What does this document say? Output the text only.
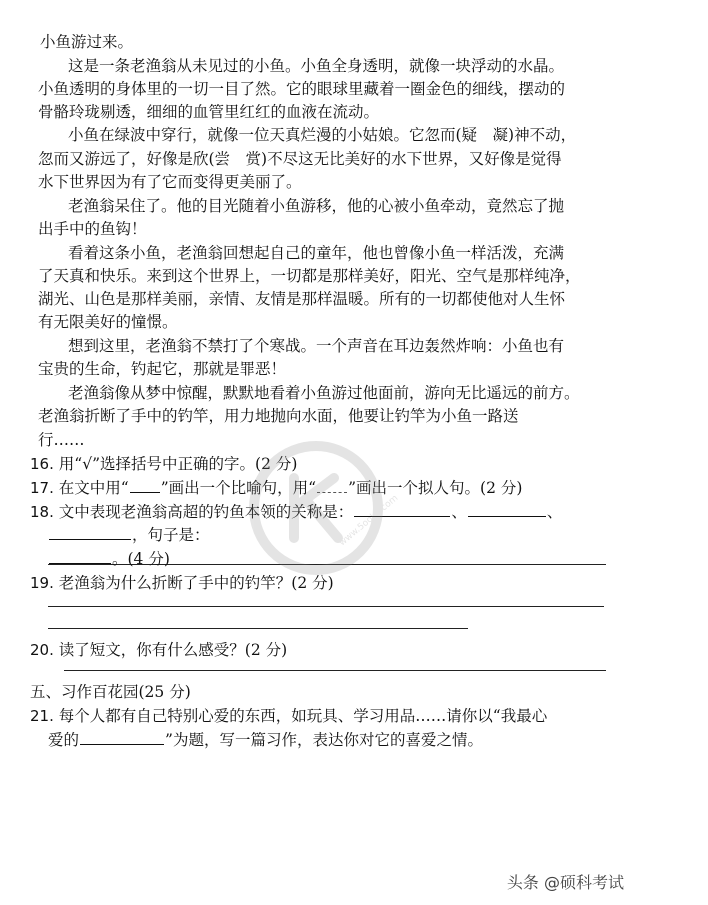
小鱼游过来。
这是一条老渔翁从未见过的小鱼。小鱼全身透明，就像一块浮动的水晶。
小鱼透明的身体里的一切一目了然。它的眼球里藏着一圈金色的细线，摆动的
骨骼玲珑剔透，细细的血管里红红的血液在流动。
小鱼在绿波中穿行，就像一位天真烂漫的小姑娘。它忽而(疑　凝)神不动，
忽而又游远了，好像是欣(尝　赏)不尽这无比美好的水下世界，又好像是觉得
水下世界因为有了它而变得更美丽了。
老渔翁呆住了。他的目光随着小鱼游移，他的心被小鱼牵动，竟然忘了抛
出手中的鱼钩！
看着这条小鱼，老渔翁回想起自己的童年，他也曾像小鱼一样活泼，充满
了天真和快乐。来到这个世界上，一切都是那样美好，阳光、空气是那样纯净，
湖光、山色是那样美丽，亲情、友情是那样温暖。所有的一切都使他对人生怀
有无限美好的憧憬。
想到这里，老渔翁不禁打了个寒战。一个声音在耳边轰然炸响：小鱼也有
宝贵的生命，钓起它，那就是罪恶！
老渔翁像从梦中惊醒，默默地看着小鱼游过他面前，游向无比遥远的前方。
老渔翁折断了手中的钓竿，用力地抛向水面，他要让钓竿为小鱼一路送
行……
16. 用“√”选择括号中正确的字。(2 分)
17. 在文中用“ ”画出一个比喻句，用“ ”画出一个拟人句。(2 分)
18. 文中表现老渔翁高超的钓鱼本领的关称是：	、	、
，句子是：
。(4 分)
19. 老渔翁为什么折断了手中的钓竿？(2 分)
20. 读了短文，你有什么感受？(2 分)
五、习作百花园(25 分)
21. 每个人都有自己特别心爱的东西，如玩具、学习用品……请你以“我最心
爱的	”为题，写一篇习作，表达你对它的喜爱之情。
www.5ooku.com
头条 @硕科考试
